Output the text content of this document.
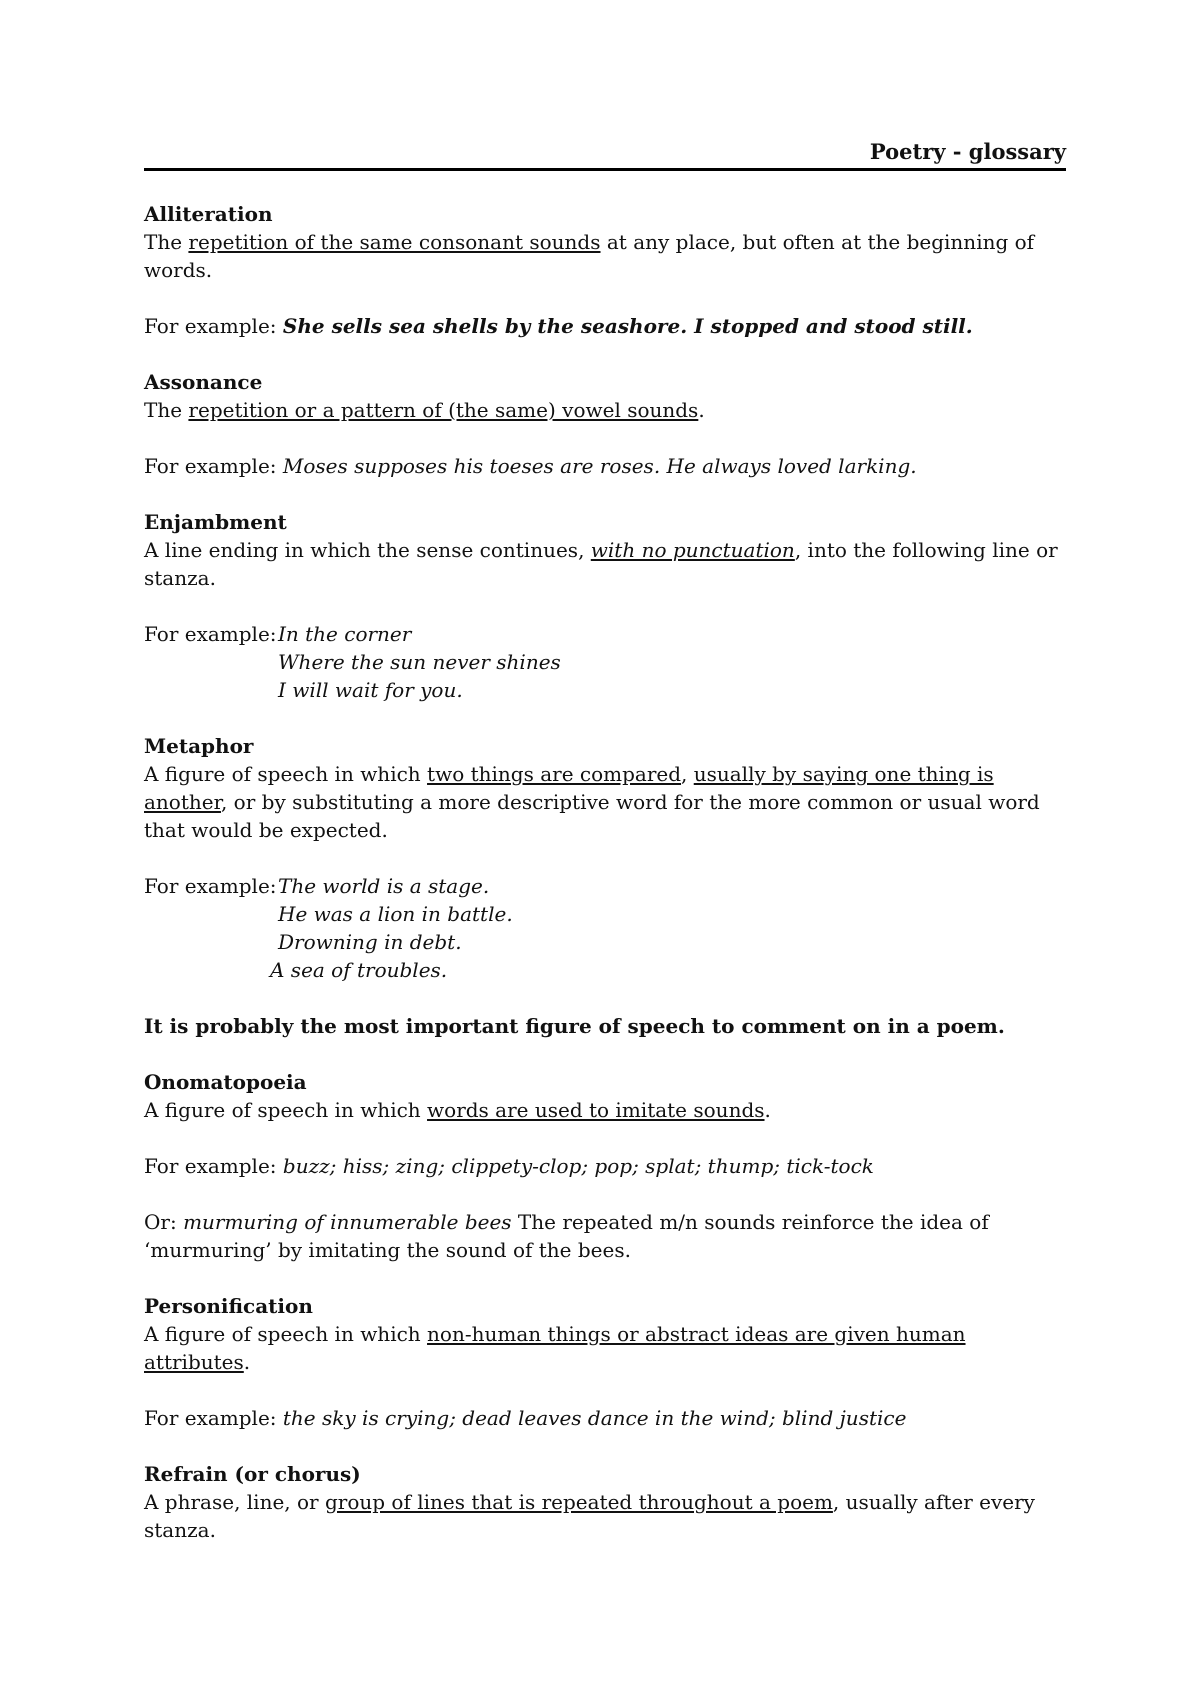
Poetry - glossary

Alliteration

The repetition of the same consonant sounds at any place, but often at the beginning of words.

For example: She sells sea shells by the seashore. I stopped and stood still.

Assonance

The repetition or a pattern of (the same) vowel sounds.

For example: Moses supposes his toeses are roses. He always loved larking.

Enjambment

A line ending in which the sense continues, with no punctuation, into the following line or stanza.

For example:In the corner

Where the sun never shines

I will wait for you.

Metaphor

A figure of speech in which two things are compared, usually by saying one thing is another, or by substituting a more descriptive word for the more common or usual word that would be expected.

For example:The world is a stage.

He was a lion in battle.

Drowning in debt.

A sea of troubles.

It is probably the most important figure of speech to comment on in a poem.

Onomatopoeia

A figure of speech in which words are used to imitate sounds.

For example: buzz; hiss; zing; clippety-clop; pop; splat; thump; tick-tock

Or: murmuring of innumerable bees The repeated m/n sounds reinforce the idea of ‘murmuring’ by imitating the sound of the bees.

Personification

A figure of speech in which non-human things or abstract ideas are given human attributes.

For example: the sky is crying; dead leaves dance in the wind; blind justice

Refrain (or chorus)

A phrase, line, or group of lines that is repeated throughout a poem, usually after every stanza.
